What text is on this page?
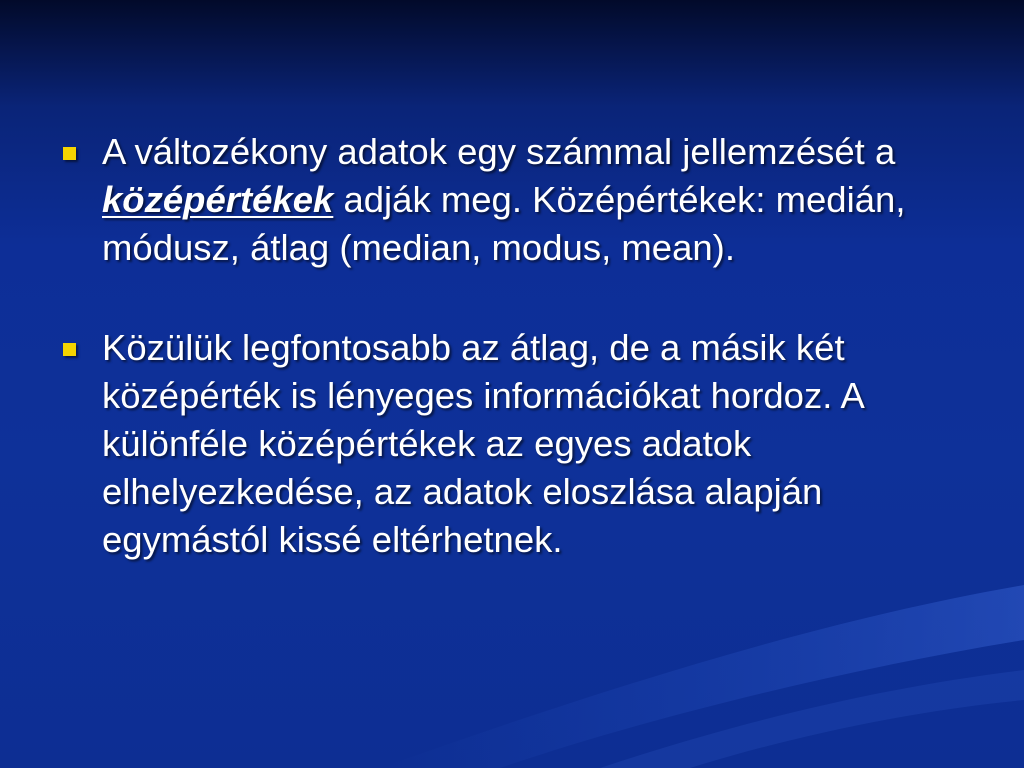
A változékony adatok egy számmal jellemzését a középértékek adják meg. Középértékek: medián, módusz, átlag (median, modus, mean).
Közülük legfontosabb az átlag, de a másik két középérték is lényeges információkat hordoz. A különféle középértékek az egyes adatok elhelyezkedése, az adatok eloszlása alapján egymástól kissé eltérhetnek.
